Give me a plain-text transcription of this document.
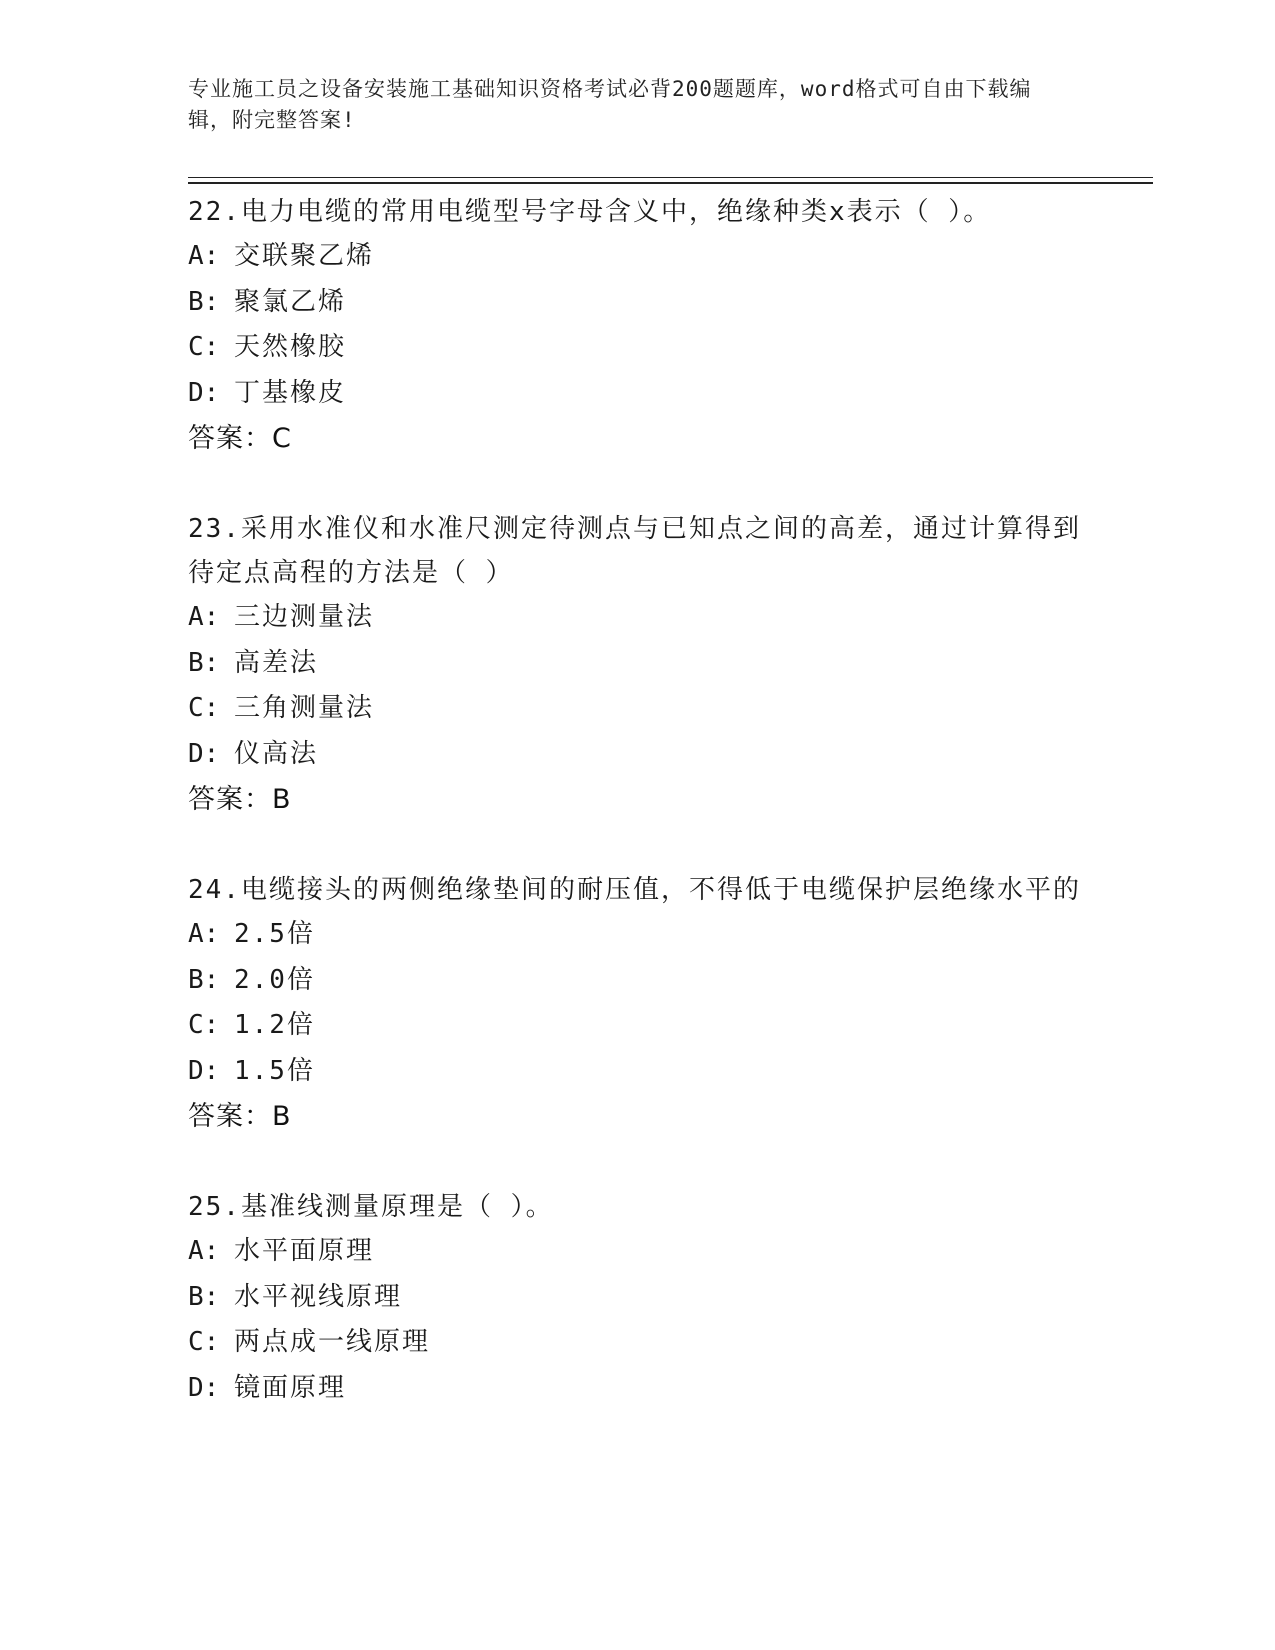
专业施工员之设备安装施工基础知识资格考试必背200题题库，word格式可自由下载编辑，附完整答案!
22.电力电缆的常用电缆型号字母含义中，绝缘种类x表示（ ）。
A: 交联聚乙烯
B: 聚氯乙烯
C: 天然橡胶
D: 丁基橡皮
答案：C
23.采用水准仪和水准尺测定待测点与已知点之间的高差，通过计算得到待定点高程的方法是（ ）
A: 三边测量法
B: 高差法
C: 三角测量法
D: 仪高法
答案：B
24.电缆接头的两侧绝缘垫间的耐压值，不得低于电缆保护层绝缘水平的
A: 2.5倍
B: 2.0倍
C: 1.2倍
D: 1.5倍
答案：B
25.基准线测量原理是（ ）。
A: 水平面原理
B: 水平视线原理
C: 两点成一线原理
D: 镜面原理
